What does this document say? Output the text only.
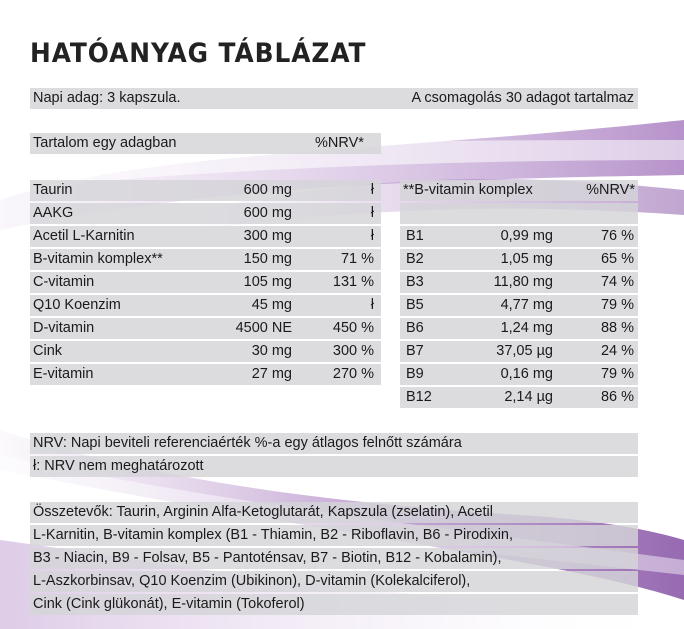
HATÓANYAG TÁBLÁZAT
Napi adag: 3 kapszula.	A csomagolás 30 adagot tartalmaz
Tartalom egy adagban	%NRV*
Taurin	600 mg	ł
AAKG	600 mg	ł
Acetil L-Karnitin	300 mg	ł
B-vitamin komplex**	150 mg	71 %
C-vitamin	105 mg	131 %
Q10 Koenzim	45 mg	ł
D-vitamin	4500 NE	450 %
Cink	30 mg	300 %
E-vitamin	27 mg	270 %
**B-vitamin komplex	%NRV*
B1	0,99 mg	76 %
B2	1,05 mg	65 %
B3	11,80 mg	74 %
B5	4,77 mg	79 %
B6	1,24 mg	88 %
B7	37,05 µg	24 %
B9	0,16 mg	79 %
B12	2,14 µg	86 %
NRV: Napi beviteli referenciaérték %-a egy átlagos felnőtt számára
ł: NRV nem meghatározott
Összetevők: Taurin, Arginin Alfa-Ketoglutarát, Kapszula (zselatin), Acetil
L-Karnitin, B-vitamin komplex (B1 - Thiamin, B2 - Riboflavin, B6 - Pirodixin,
B3 - Niacin, B9 - Folsav, B5 - Pantoténsav, B7 - Biotin, B12 - Kobalamin),
L-Aszkorbinsav, Q10 Koenzim (Ubikinon), D-vitamin (Kolekalciferol),
Cink (Cink glükonát), E-vitamin (Tokoferol)
